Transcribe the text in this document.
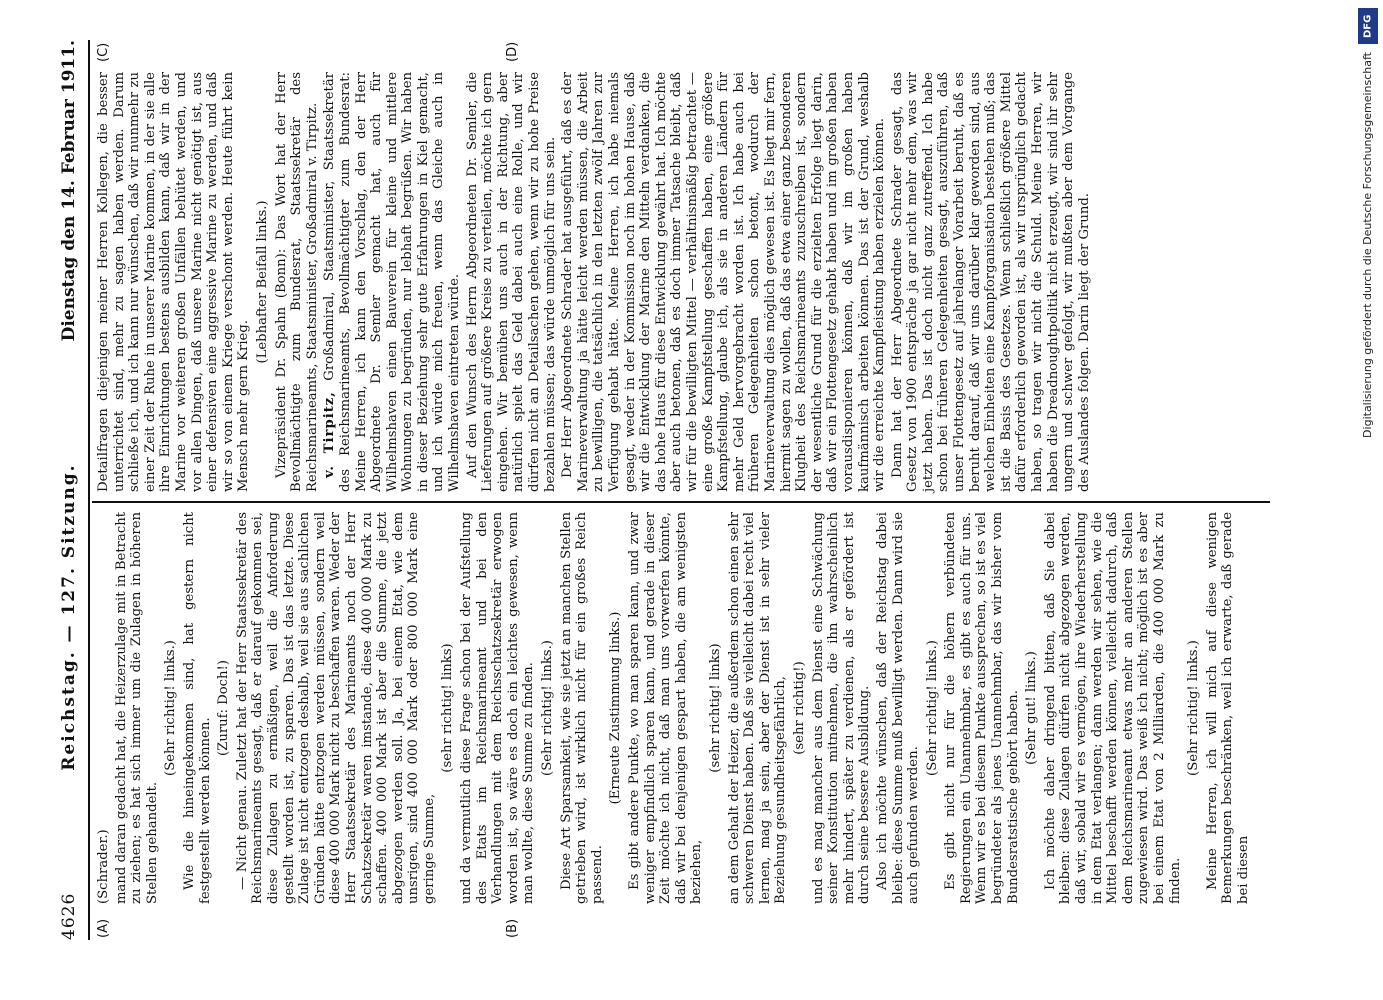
4626
Reichstag. — 127. Sitzung.
Dienstag den 14. Februar 1911.
(A)	(B)
(C)	(D)

(Schrader.) mand daran gedacht hat, die Heizerzulage mit in Betracht zu ziehen; es hat sich immer um die Zulagen in höheren Stellen gehandelt.

(Sehr richtig! links.) Wie die hineingekommen sind, hat gestern nicht festgestellt werden können.

(Zuruf: Doch!) — Nicht genau. Zuletzt hat der Herr Staatssekretär des Reichsmarineamts gesagt, daß er darauf gekommen sei, diese Zulagen zu ermäßigen, weil die Anforderung gestellt worden ist, zu sparen. Das ist das letzte. Diese Zulage ist nicht entzogen deshalb, weil sie aus sachlichen Gründen hätte entzogen werden müssen, sondern weil diese 400 000 Mark nicht zu beschaffen waren. Weder der Herr Staatssekretär des Marineamts noch der Herr Schatzsekretär waren imstande, diese 400 000 Mark zu schaffen. 400 000 Mark ist aber die Summe, die jetzt abgezogen werden soll. Ja, bei einem Etat, wie dem unsrigen, sind 400 000 Mark oder 800 000 Mark eine geringe Summe,

(sehr richtig! links) und da vermutlich diese Frage schon bei der Aufstellung des Etats im Reichsmarineamt und bei den Verhandlungen mit dem Reichsschatzsekretär erwogen worden ist, so wäre es doch ein leichtes gewesen, wenn man wollte, diese Summe zu finden. (Sehr richtig! links.) Diese Art Sparsamkeit, wie sie jetzt an manchen Stellen getrieben wird, ist wirklich nicht für ein großes Reich passend.

(Erneute Zustimmung links.) Es gibt andere Punkte, wo man sparen kann, und zwar weniger empfindlich sparen kann, und gerade in dieser Zeit möchte ich nicht, daß man uns vorwerfen könnte, daß wir bei denjenigen gespart haben, die am wenigsten beziehen,

(sehr richtig! links) an dem Gehalt der Heizer, die außerdem schon einen sehr schweren Dienst haben. Daß sie vielleicht dabei recht viel lernen, mag ja sein, aber der Dienst ist in sehr vieler Beziehung gesundheitsgefährlich, (sehr richtig!) und es mag mancher aus dem Dienst eine Schwächung seiner Konstitution mitnehmen, die ihn wahrscheinlich mehr hindert, später zu verdienen, als er gefördert ist durch seine bessere Ausbildung. Also ich möchte wünschen, daß der Reichstag dabei bleibe: diese Summe muß bewilligt werden. Dann wird sie auch gefunden werden.

(Sehr richtig! links.) Es gibt nicht nur für die höhern verbündeten Regierungen ein Unannehmbar, es gibt es auch für uns. Wenn wir es bei diesem Punkte aussprechen, so ist es viel begründeter als jenes Unannehmbar, das wir bisher vom Bundesratstische gehört haben. (Sehr gut! links.) Ich möchte daher dringend bitten, daß Sie dabei bleiben: diese Zulagen dürfen nicht abgezogen werden, daß wir, sobald wir es vermögen, ihre Wiederherstellung in dem Etat verlangen; dann werden wir sehen, wie die Mittel beschafft werden können, vielleicht dadurch, daß dem Reichsmarineamt etwas mehr an anderen Stellen zugewiesen wird. Das weiß ich nicht; möglich ist es aber bei einem Etat von 2 Milliarden, die 400 000 Mark zu finden.

(Sehr richtig! links.) Meine Herren, ich will mich auf diese wenigen Bemerkungen beschränken, weil ich erwarte, daß gerade bei diesen

Detailfragen diejenigen meiner Herren Kollegen, die besser unterrichtet sind, mehr zu sagen haben werden. Darum schließe ich, und ich kann nur wünschen, daß wir nunmehr zu einer Zeit der Ruhe in unserer Marine kommen, in der sie alle ihre Einrichtungen bestens ausbilden kann, daß wir in der Marine vor weiteren großen Unfällen behütet werden, und vor allen Dingen, daß unsere Marine nicht genötigt ist, aus einer defensiven eine aggressive Marine zu werden, und daß wir so von einem Kriege verschont werden. Heute führt kein Mensch mehr gern Krieg.

(Lebhafter Beifall links.) Vizepräsident Dr. Spahn (Bonn): Das Wort hat der Herr Bevollmächtigte zum Bundesrat, Staatssekretär des Reichsmarineamts, Staatsminister, Großadmiral v. Tirpitz. v. Tirpitz, Großadmiral, Staatsminister, Staatssekretär des Reichsmarineamts, Bevollmächtigter zum Bundesrat: Meine Herren, ich kann den Vorschlag, den der Herr Abgeordnete Dr. Semler gemacht hat, auch für Wilhelmshaven einen Bauverein für kleine und mittlere Wohnungen zu begründen, nur lebhaft begrüßen. Wir haben in dieser Beziehung sehr gute Erfahrungen in Kiel gemacht, und ich würde mich freuen, wenn das Gleiche auch in Wilhelmshaven eintreten würde. Auf den Wunsch des Herrn Abgeordneten Dr. Semler, die Lieferungen auf größere Kreise zu verteilen, möchte ich gern eingehen. Wir bemühen uns auch in der Richtung, aber natürlich spielt das Geld dabei auch eine Rolle, und wir dürfen nicht an Detailsachen gehen, wenn wir zu hohe Preise bezahlen müssen; das würde unmöglich für uns sein. Der Herr Abgeordnete Schrader hat ausgeführt, daß es der Marineverwaltung ja hätte leicht werden müssen, die Arbeit zu bewilligen, die tatsächlich in den letzten zwölf Jahren zur Verfügung gehabt hätte. Meine Herren, ich habe niemals gesagt, weder in der Kommission noch im hohen Hause, daß wir die Entwicklung der Marine den Mitteln verdanken, die das hohe Haus für diese Entwicklung gewährt hat. Ich möchte aber auch betonen, daß es doch immer Tatsache bleibt, daß wir für die bewilligten Mittel — verhältnismäßig betrachtet — eine große Kampfstellung geschaffen haben, eine größere Kampfstellung, glaube ich, als sie in anderen Ländern für mehr Geld hervorgebracht worden ist. Ich habe auch bei früheren Gelegenheiten schon betont, wodurch der Marineverwaltung dies möglich gewesen ist. Es liegt mir fern, hiermit sagen zu wollen, daß das etwa einer ganz besonderen Klugheit des Reichsmarineamts zuzuschreiben ist, sondern der wesentliche Grund für die erzielten Erfolge liegt darin, daß wir ein Flottengesetz gehabt haben und im großen haben vorausdisponieren können, daß wir im großen haben kaufmännisch arbeiten können. Das ist der Grund, weshalb wir die erreichte Kampfleistung haben erzielen können. Dann hat der Herr Abgeordnete Schrader gesagt, das Gesetz von 1900 entspräche ja gar nicht mehr dem, was wir jetzt haben. Das ist doch nicht ganz zutreffend. Ich habe schon bei früheren Gelegenheiten gesagt, auszuführen, daß unser Flottengesetz auf jahrelanger Vorarbeit beruht, daß es beruht darauf, daß wir uns darüber klar geworden sind, aus welchen Einheiten eine Kampforganisation bestehen muß; das ist die Basis des Gesetzes. Wenn schließlich größere Mittel dafür erforderlich geworden ist, als wir ursprünglich gedacht haben, so tragen wir nicht die Schuld. Meine Herren, wir haben die Dreadnoughtpolitik nicht erzeugt, wir sind ihr sehr ungern und schwer gefolgt, wir mußten aber dem Vorgange des Auslandes folgen. Darin liegt der Grund.

DFG
Digitalisierung gefördert durch die Deutsche Forschungsgemeinschaft
